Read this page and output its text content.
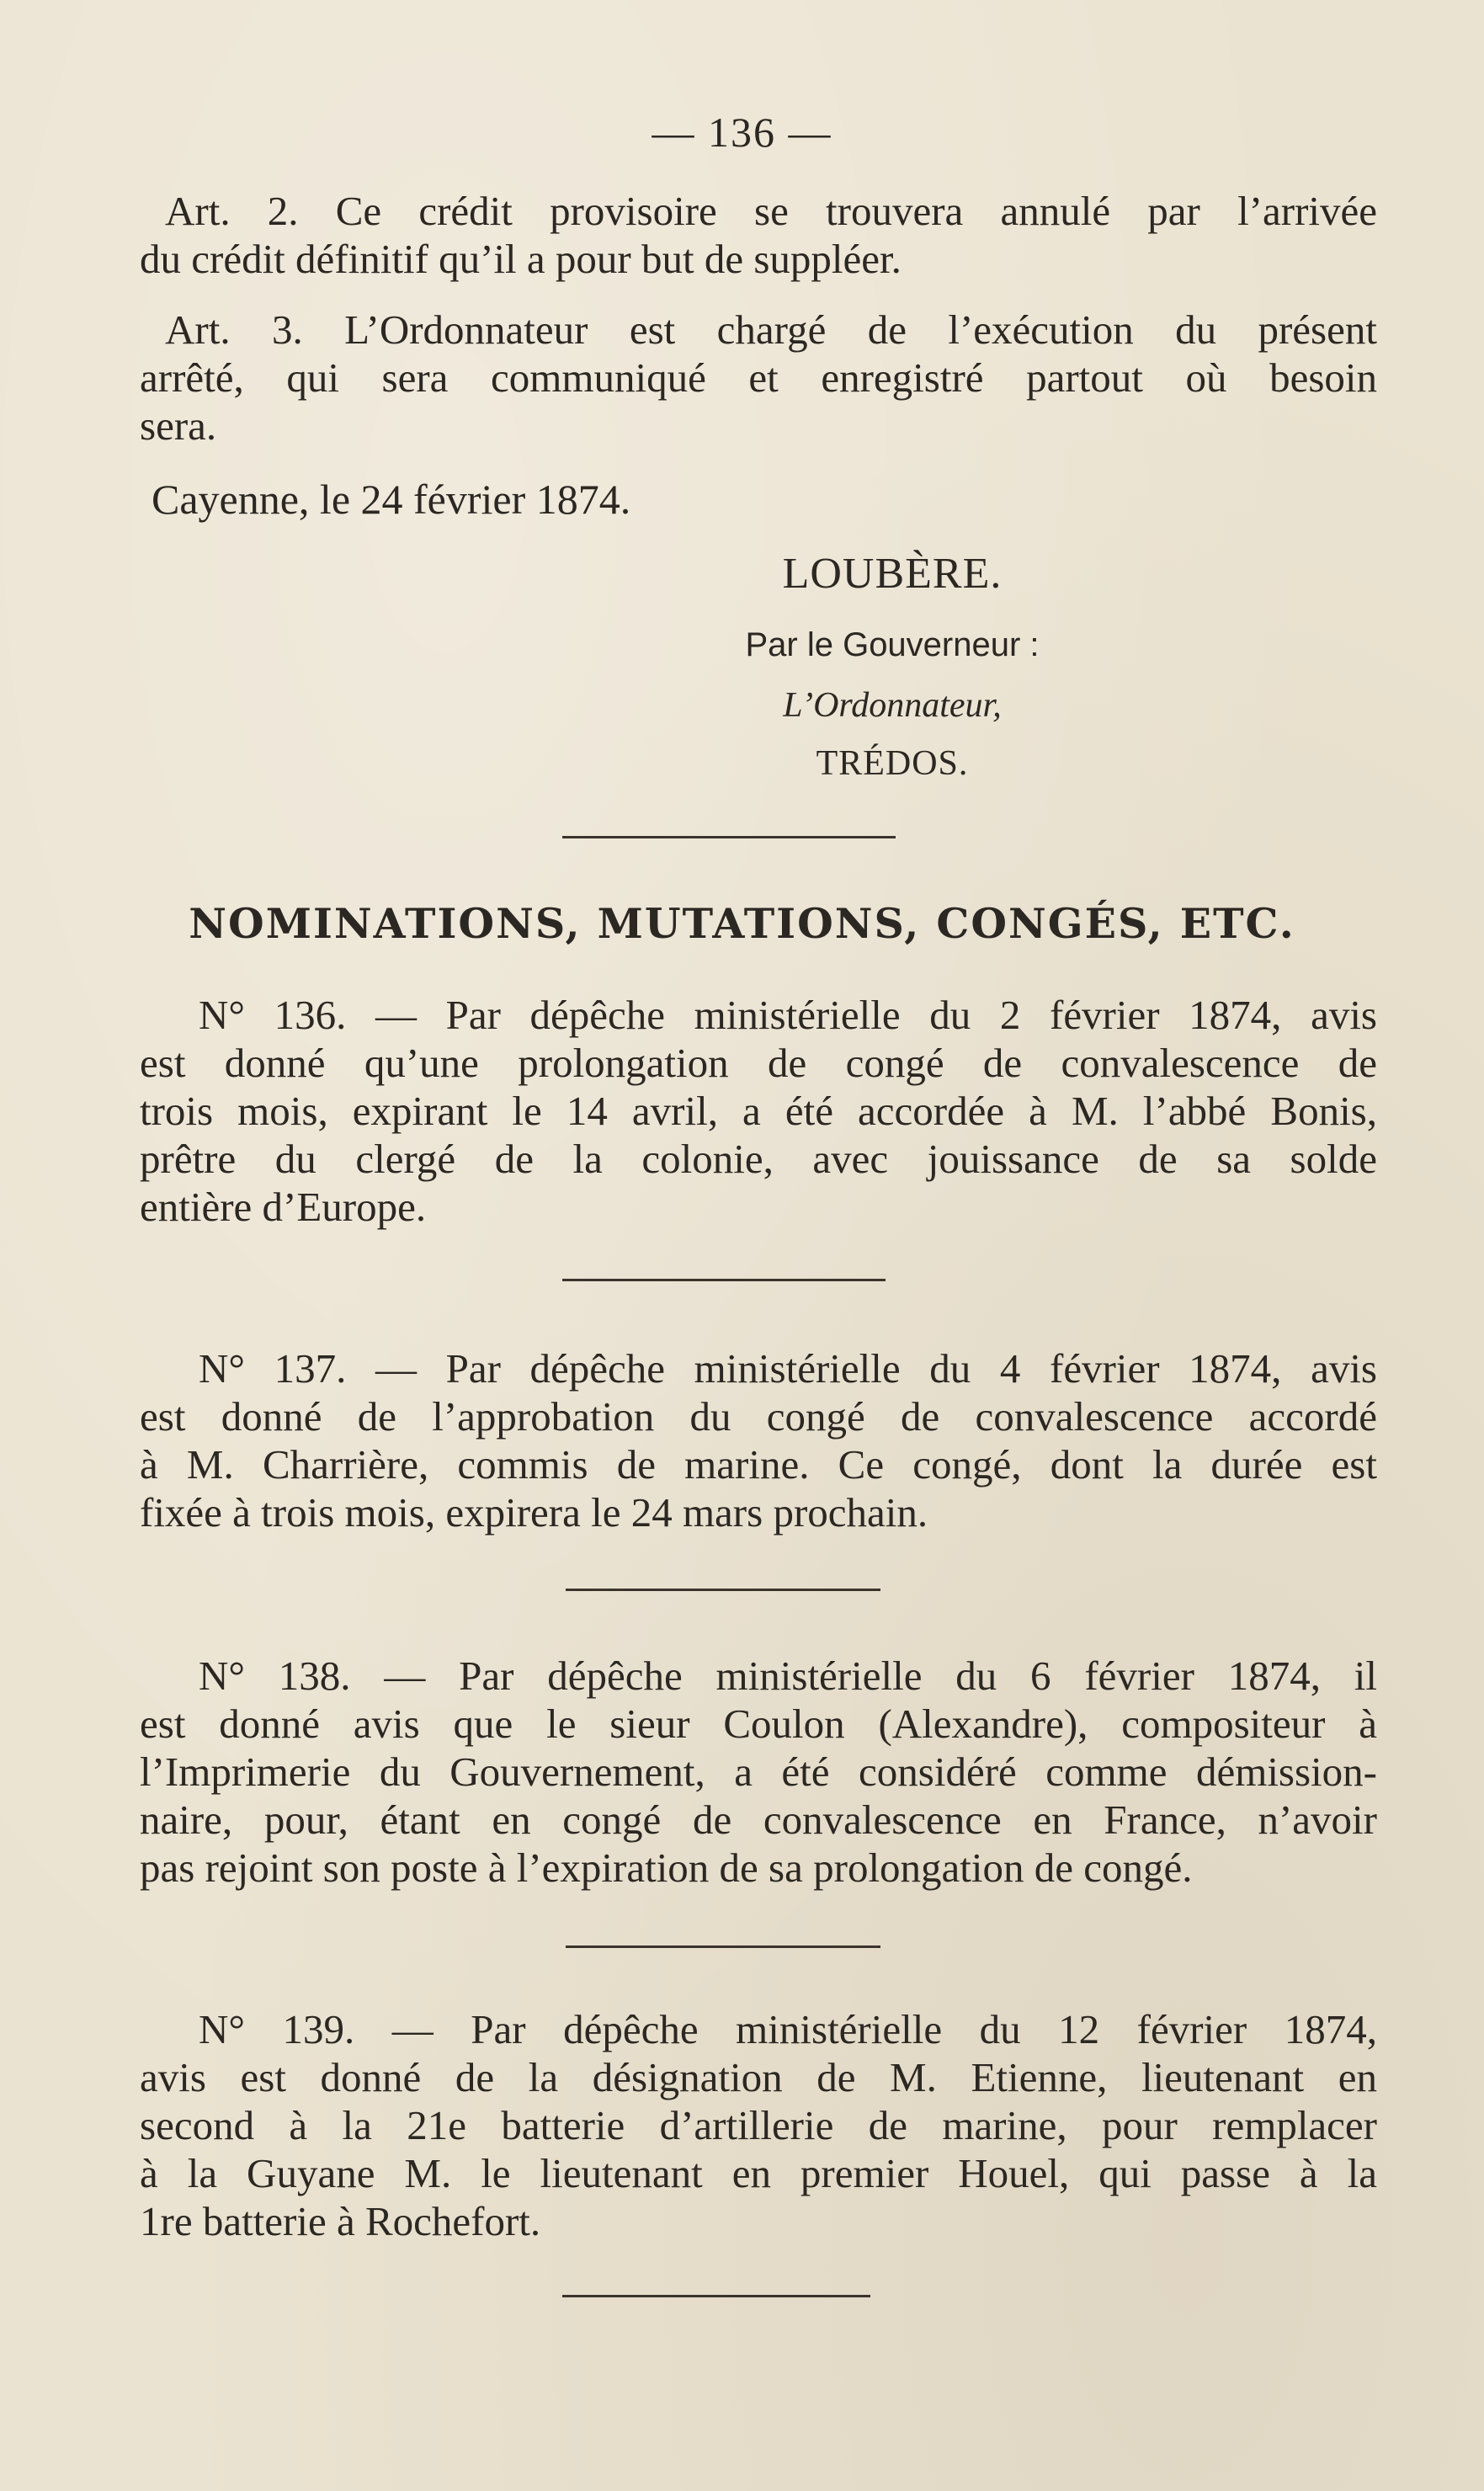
— 136 —
Art. 2. Ce crédit provisoire se trouvera annulé par l’arrivée
du crédit définitif qu’il a pour but de suppléer.
Art. 3. L’Ordonnateur est chargé de l’exécution du présent
arrêté, qui sera communiqué et enregistré partout où besoin
sera.
Cayenne, le 24 février 1874.
LOUBÈRE.
Par le Gouverneur :
L’Ordonnateur,
TRÉDOS.
NOMINATIONS, MUTATIONS, CONGÉS, ETC.
N° 136. — Par dépêche ministérielle du 2 février 1874, avis
est donné qu’une prolongation de congé de convalescence de
trois mois, expirant le 14 avril, a été accordée à M. l’abbé Bonis,
prêtre du clergé de la colonie, avec jouissance de sa solde
entière d’Europe.
N° 137. — Par dépêche ministérielle du 4 février 1874, avis
est donné de l’approbation du congé de convalescence accordé
à M. Charrière, commis de marine. Ce congé, dont la durée est
fixée à trois mois, expirera le 24 mars prochain.
N° 138. — Par dépêche ministérielle du 6 février 1874, il
est donné avis que le sieur Coulon (Alexandre), compositeur à
l’Imprimerie du Gouvernement, a été considéré comme démission-
naire, pour, étant en congé de convalescence en France, n’avoir
pas rejoint son poste à l’expiration de sa prolongation de congé.
N° 139. — Par dépêche ministérielle du 12 février 1874,
avis est donné de la désignation de M. Etienne, lieutenant en
second à la 21e batterie d’artillerie de marine, pour remplacer
à la Guyane M. le lieutenant en premier Houel, qui passe à la
1re batterie à Rochefort.
